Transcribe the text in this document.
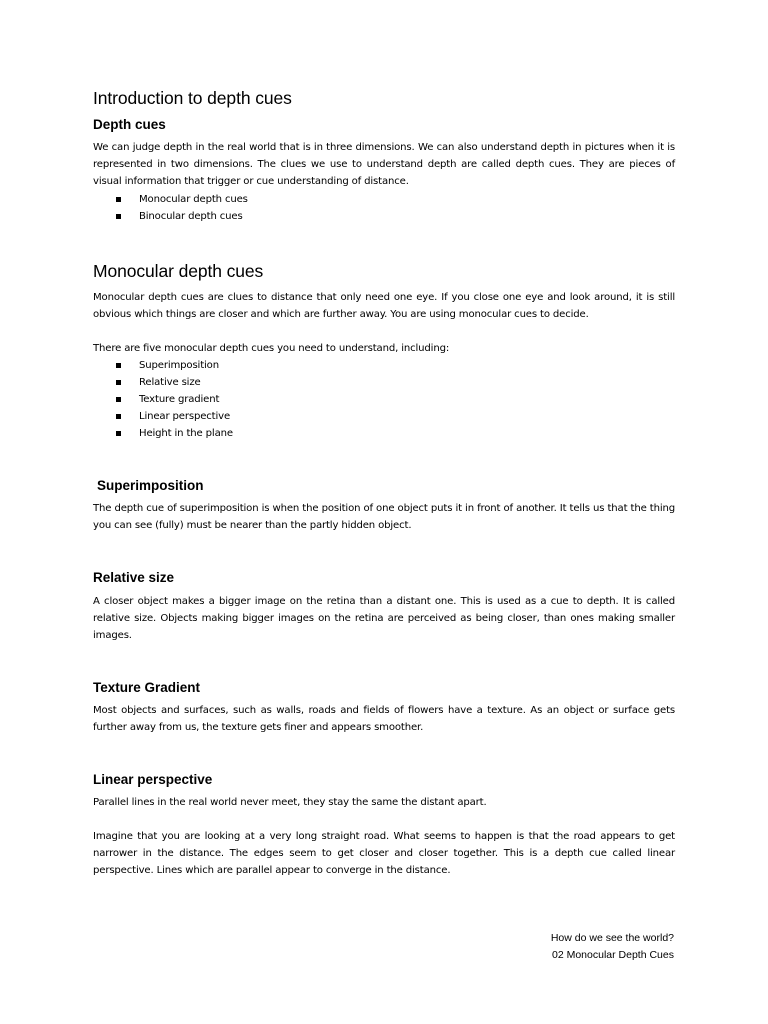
Introduction to depth cues
Depth cues

We can judge depth in the real world that is in three dimensions. We can also understand depth in pictures when it is represented in two dimensions. The clues we use to understand depth are called depth cues. They are pieces of visual information that trigger or cue understanding of distance.

Monocular depth cues
Binocular depth cues
Monocular depth cues

Monocular depth cues are clues to distance that only need one eye. If you close one eye and look around, it is still obvious which things are closer and which are further away. You are using monocular cues to decide.

There are five monocular depth cues you need to understand, including:

Superimposition
Relative size
Texture gradient
Linear perspective
Height in the plane
Superimposition

The depth cue of superimposition is when the position of one object puts it in front of another. It tells us that the thing you can see (fully) must be nearer than the partly hidden object.

Relative size

A closer object makes a bigger image on the retina than a distant one. This is used as a cue to depth. It is called relative size. Objects making bigger images on the retina are perceived as being closer, than ones making smaller images.

Texture Gradient

Most objects and surfaces, such as walls, roads and fields of flowers have a texture. As an object or surface gets further away from us, the texture gets finer and appears smoother.

Linear perspective

Parallel lines in the real world never meet, they stay the same the distant apart.

Imagine that you are looking at a very long straight road. What seems to happen is that the road appears to get narrower in the distance. The edges seem to get closer and closer together. This is a depth cue called linear perspective. Lines which are parallel appear to converge in the distance.

How do we see the world?
02 Monocular Depth Cues
